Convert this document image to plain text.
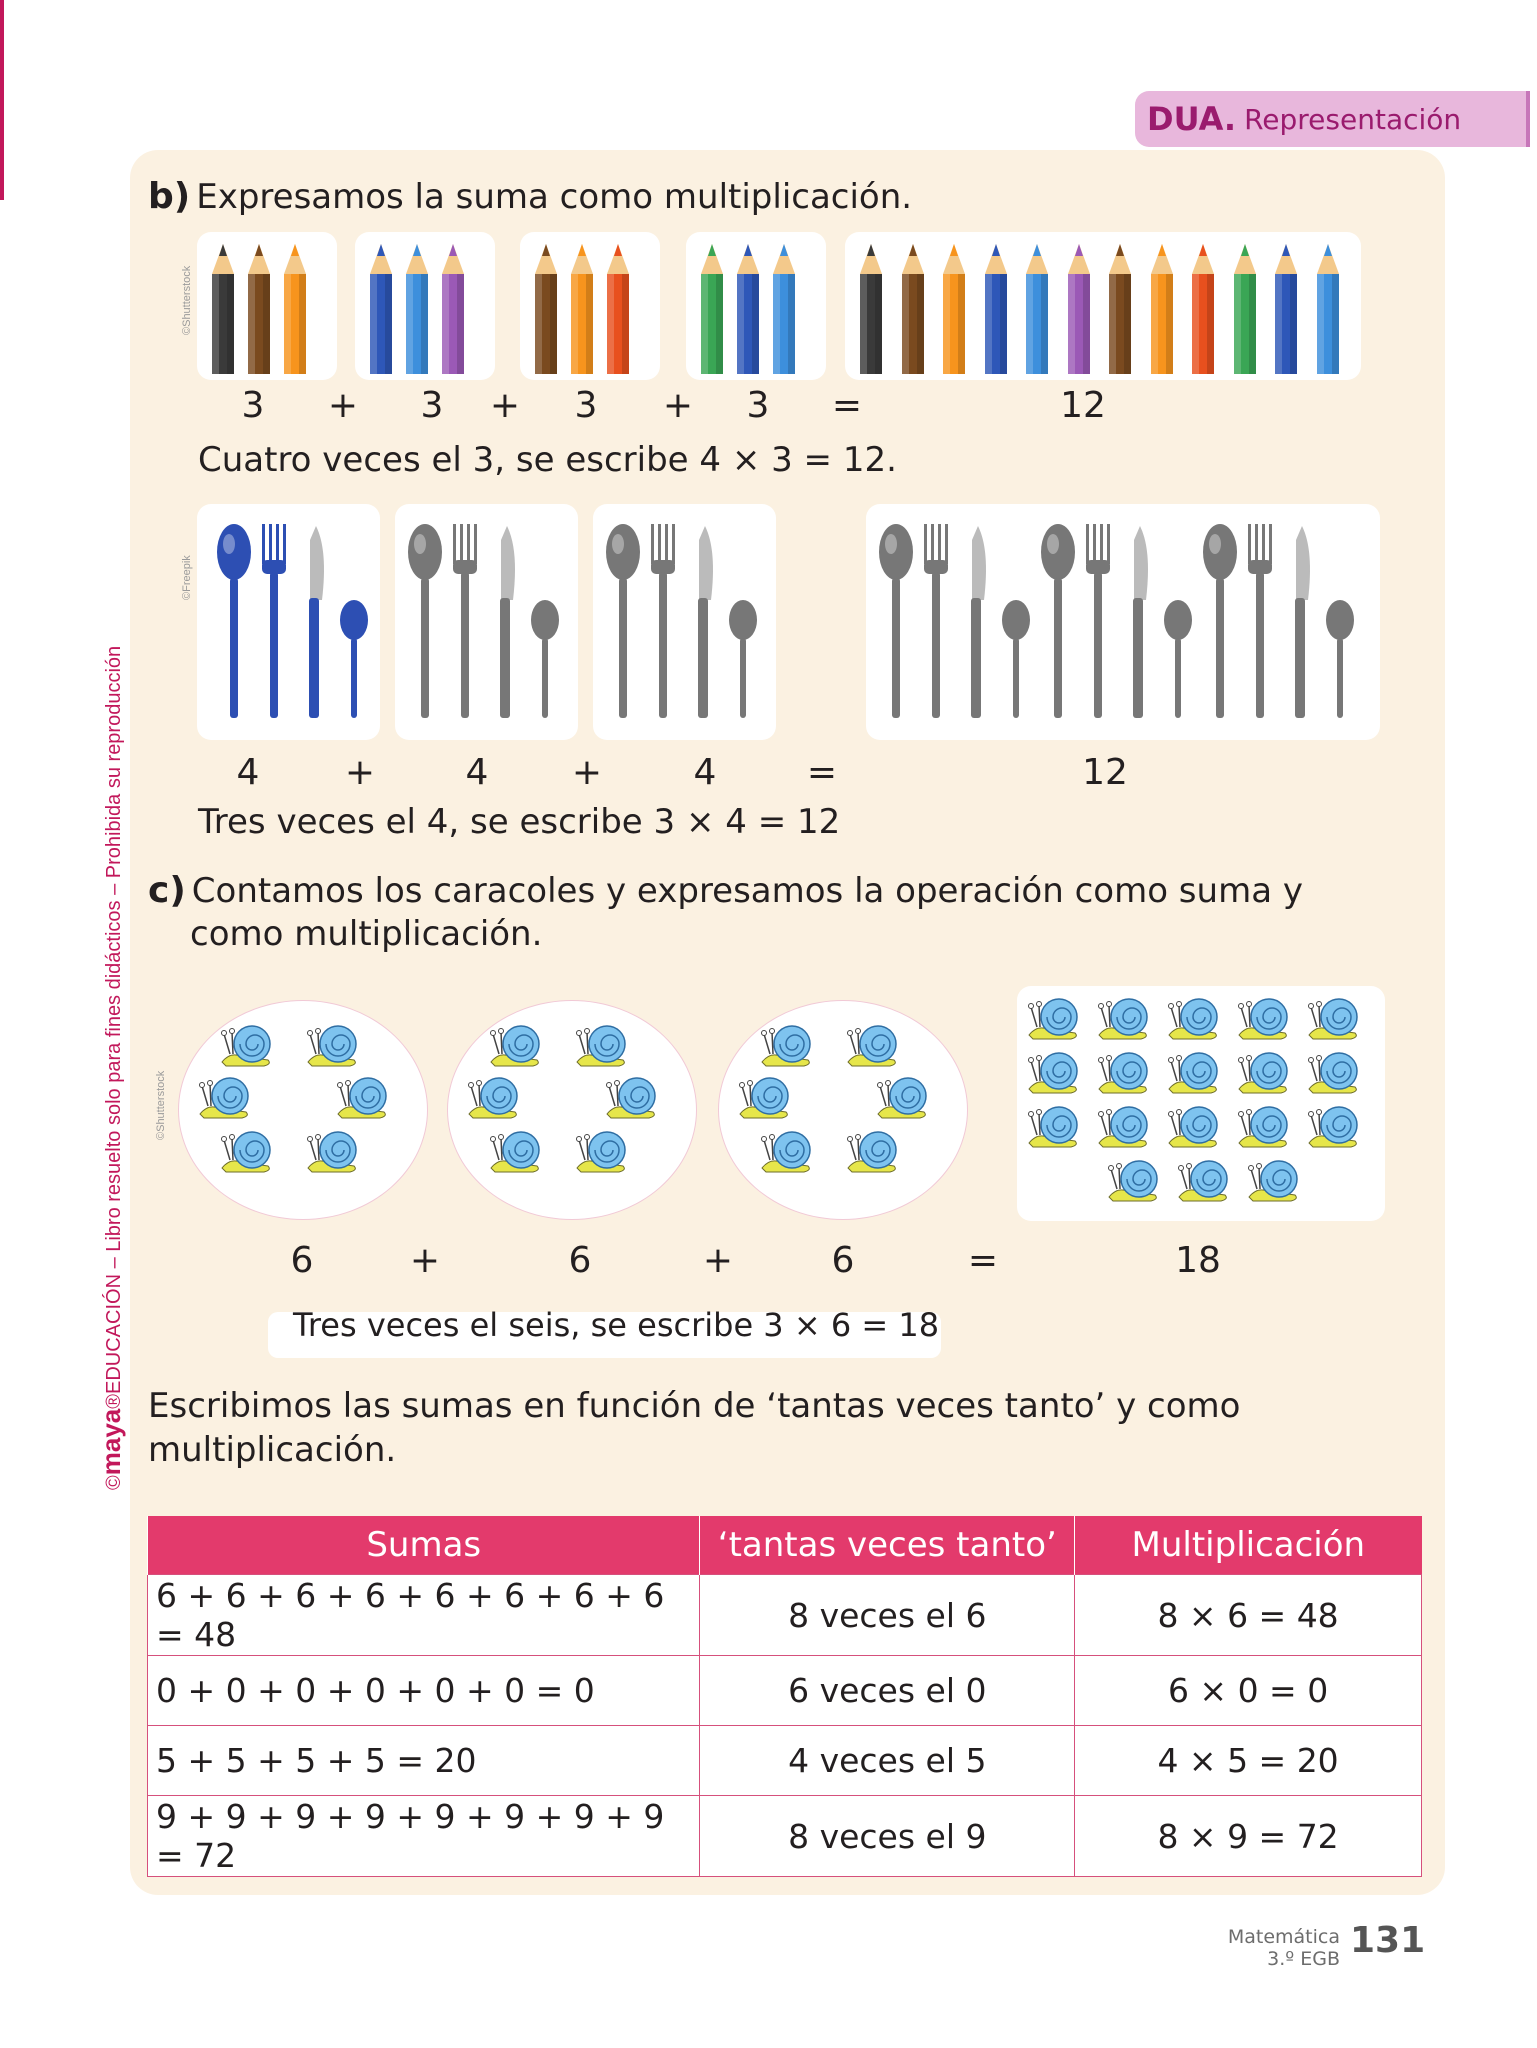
DUA. Representación
©maya®EDUCACIÓN – Libro resuelto solo para fines didácticos – Prohibida su reproducción
b) Expresamos la suma como multiplicación.
©Shutterstock
3	+	3	+	3	+	3	=	12
Cuatro veces el 3, se escribe 4 × 3 = 12.
©Freepik
4	+	4	+	4	=	12
Tres veces el 4, se escribe 3 × 4 = 12
c) Contamos los caracoles y expresamos la operación como suma y
como multiplicación.
©Shutterstock
6	+	6	+	6	=	18
Tres veces el seis, se escribe 3 × 6 = 18
Escribimos las sumas en función de ‘tantas veces tanto’ y como
multiplicación.
Sumas	‘tantas veces tanto’	Multiplicación
6 + 6 + 6 + 6 + 6 + 6 + 6 + 6 = 48	8 veces el 6	8 × 6 = 48
0 + 0 + 0 + 0 + 0 + 0 = 0	6 veces el 0	6 × 0 = 0
5 + 5 + 5 + 5 = 20	4 veces el 5	4 × 5 = 20
9 + 9 + 9 + 9 + 9 + 9 + 9 + 9 = 72	8 veces el 9	8 × 9 = 72
Matemática
3.º EGB 131
